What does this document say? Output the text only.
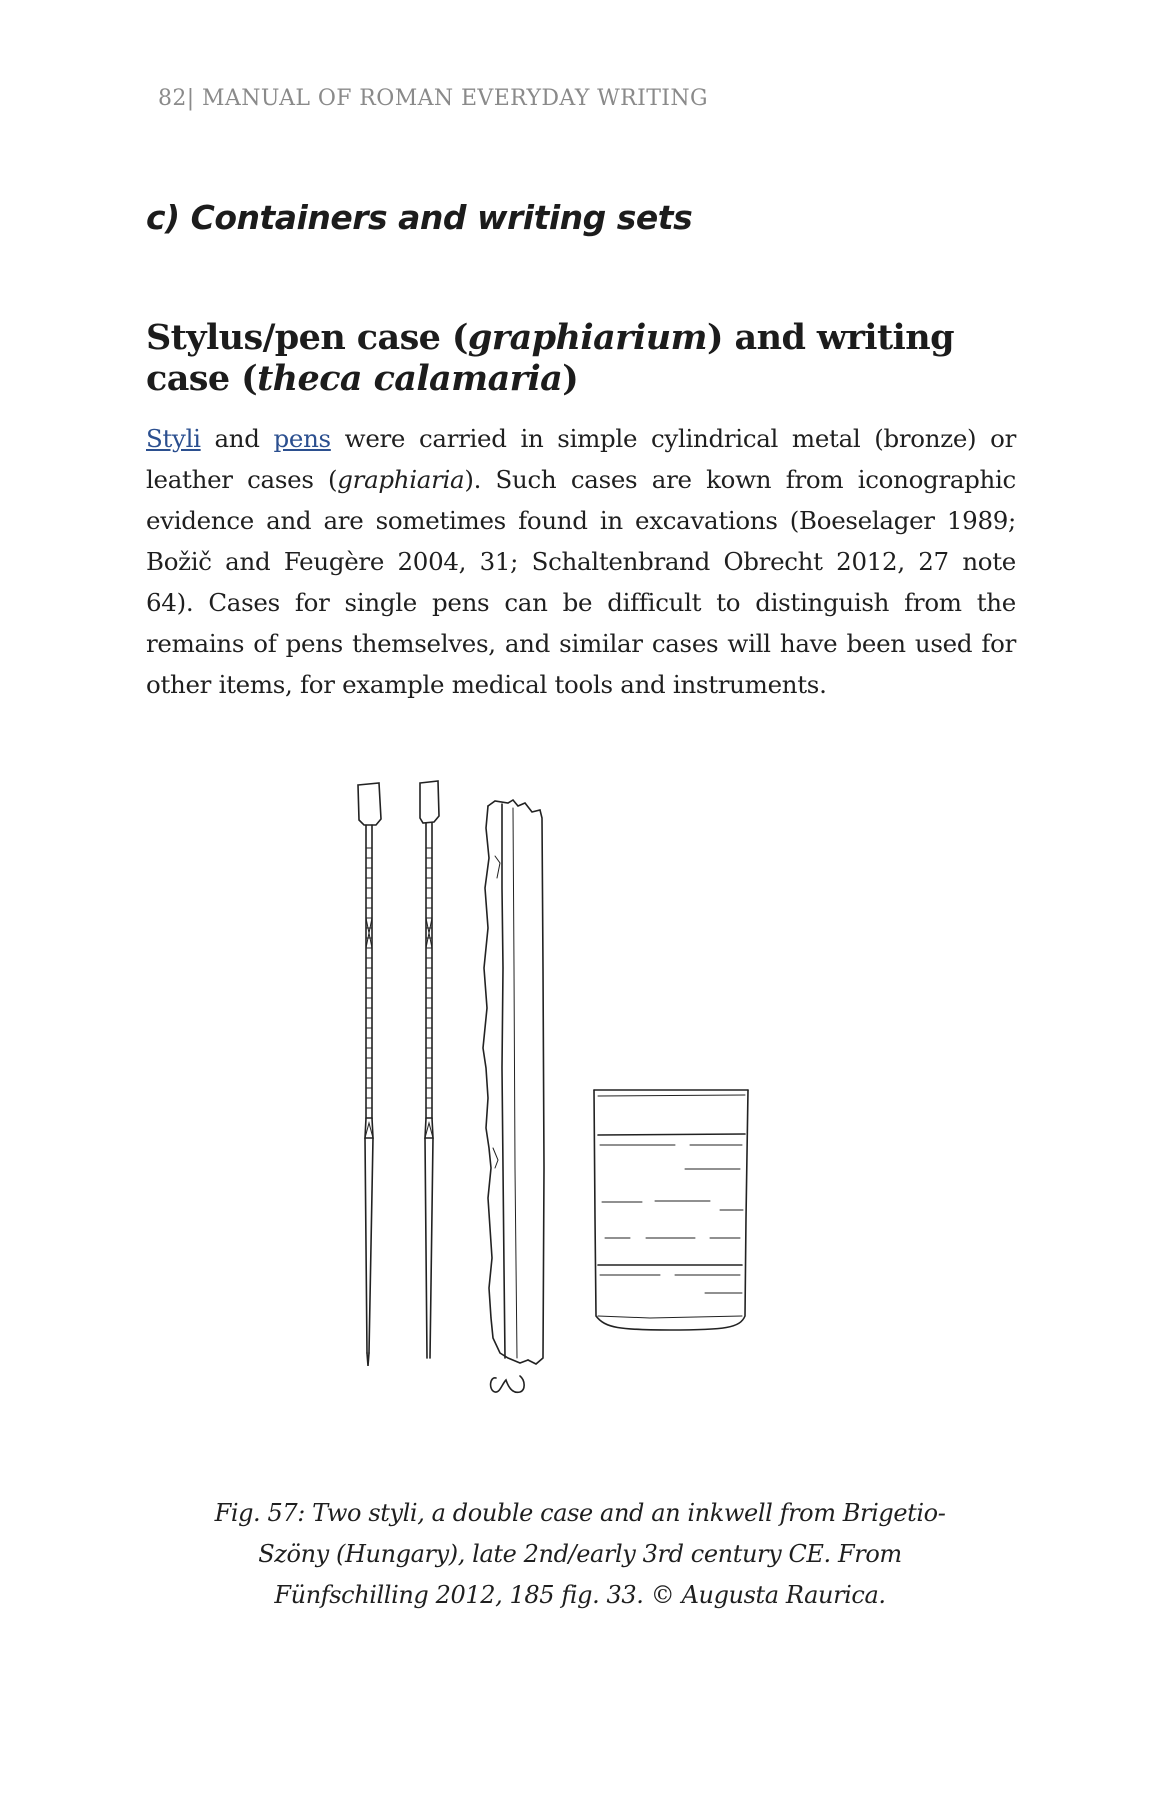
82| MANUAL OF ROMAN EVERYDAY WRITING
c) Containers and writing sets
Stylus/pen case (graphiarium) and writing case (theca calamaria)

Styli and pens were carried in simple cylindrical metal (bronze) or leather cases (graphiaria). Such cases are kown from iconographic evidence and are sometimes found in excavations (Boeselager 1989; Božič and Feugère 2004, 31; Schaltenbrand Obrecht 2012, 27 note 64). Cases for single pens can be difficult to distinguish from the remains of pens themselves, and similar cases will have been used for other items, for example medical tools and instruments.

Fig. 57: Two styli, a double case and an inkwell from Brigetio-
Szöny (Hungary), late 2nd/early 3rd century CE. From
Fünfschilling 2012, 185 fig. 33. © Augusta Raurica.
